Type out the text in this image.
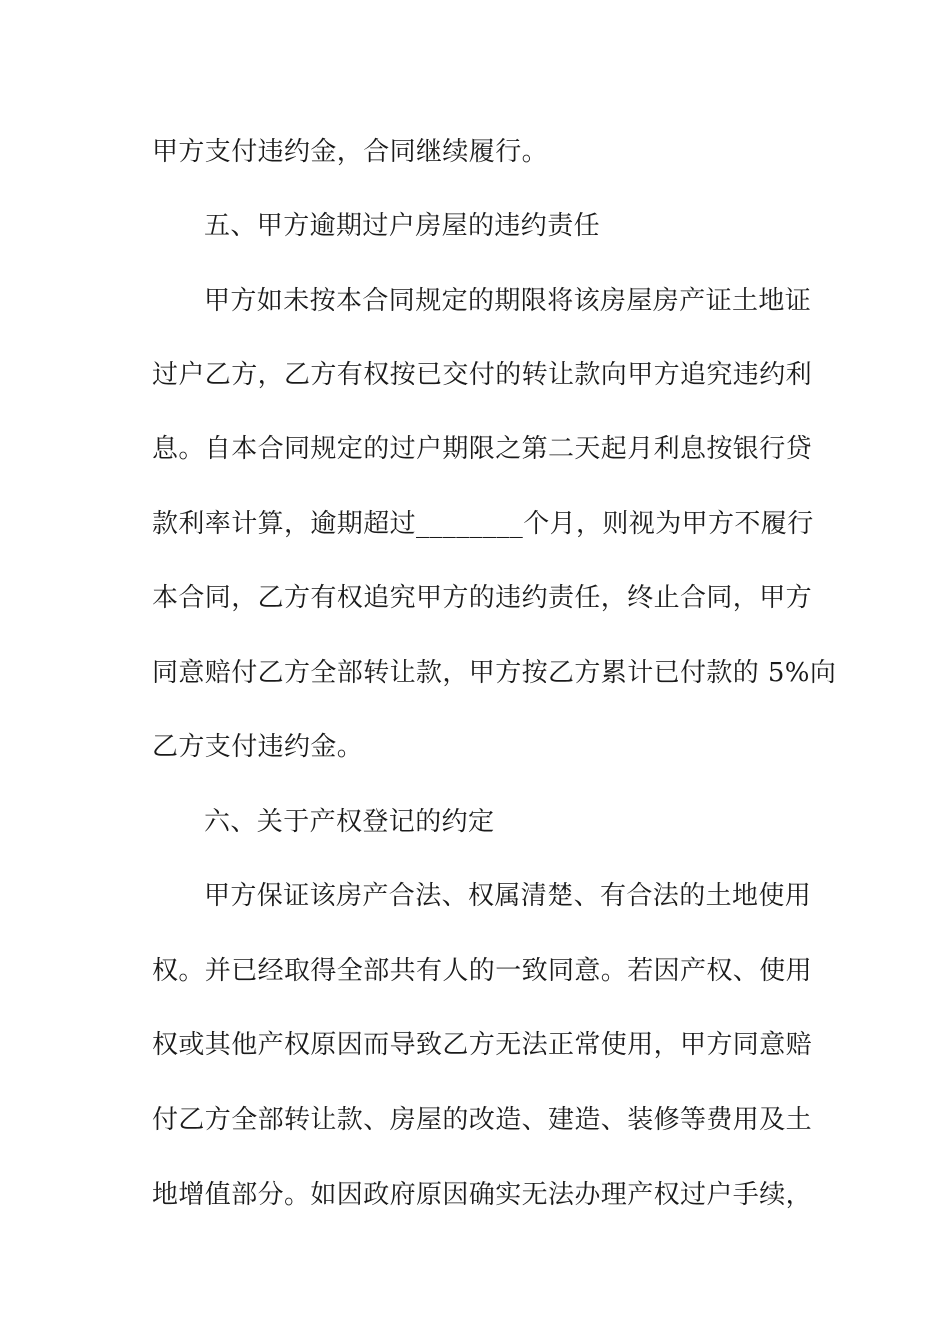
甲方支付违约金，合同继续履行。
五、甲方逾期过户房屋的违约责任
甲方如未按本合同规定的期限将该房屋房产证土地证
过户乙方，乙方有权按已交付的转让款向甲方追究违约利
息。自本合同规定的过户期限之第二天起月利息按银行贷
款利率计算，逾期超过________个月，则视为甲方不履行
本合同，乙方有权追究甲方的违约责任，终止合同，甲方
同意赔付乙方全部转让款，甲方按乙方累计已付款的 5%向
乙方支付违约金。
六、关于产权登记的约定
甲方保证该房产合法、权属清楚、有合法的土地使用
权。并已经取得全部共有人的一致同意。若因产权、使用
权或其他产权原因而导致乙方无法正常使用，甲方同意赔
付乙方全部转让款、房屋的改造、建造、装修等费用及土
地增值部分。如因政府原因确实无法办理产权过户手续，
